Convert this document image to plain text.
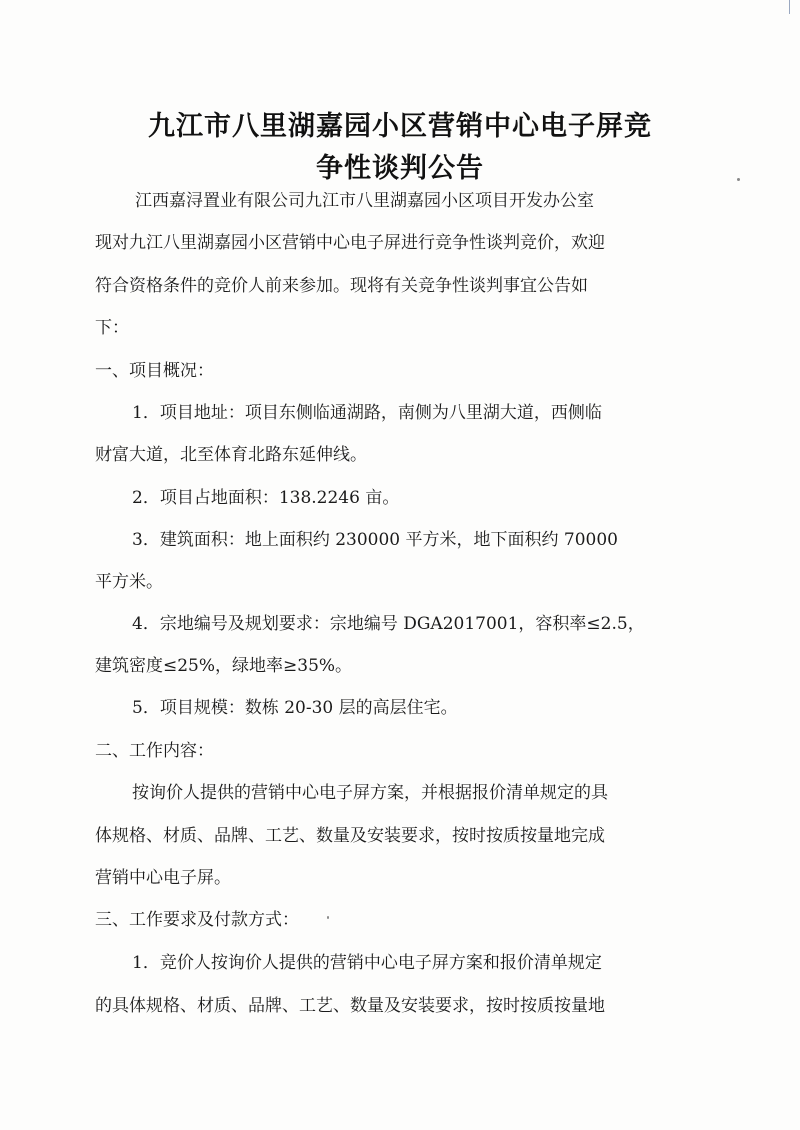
九江市八里湖嘉园小区营销中心电子屏竞
争性谈判公告
江西嘉浔置业有限公司九江市八里湖嘉园小区项目开发办公室
现对九江八里湖嘉园小区营销中心电子屏进行竞争性谈判竞价，欢迎
符合资格条件的竞价人前来参加。现将有关竞争性谈判事宜公告如
下：
一、项目概况：
1．项目地址：项目东侧临通湖路，南侧为八里湖大道，西侧临
财富大道，北至体育北路东延伸线。
2．项目占地面积：138.2246 亩。
3．建筑面积：地上面积约 230000 平方米，地下面积约 70000
平方米。
4．宗地编号及规划要求：宗地编号 DGA2017001，容积率≤2.5，
建筑密度≤25%，绿地率≥35%。
5．项目规模：数栋 20-30 层的高层住宅。
二、工作内容：
按询价人提供的营销中心电子屏方案，并根据报价清单规定的具
体规格、材质、品牌、工艺、数量及安装要求，按时按质按量地完成
营销中心电子屏。
三、工作要求及付款方式：
1．竞价人按询价人提供的营销中心电子屏方案和报价清单规定
的具体规格、材质、品牌、工艺、数量及安装要求，按时按质按量地
